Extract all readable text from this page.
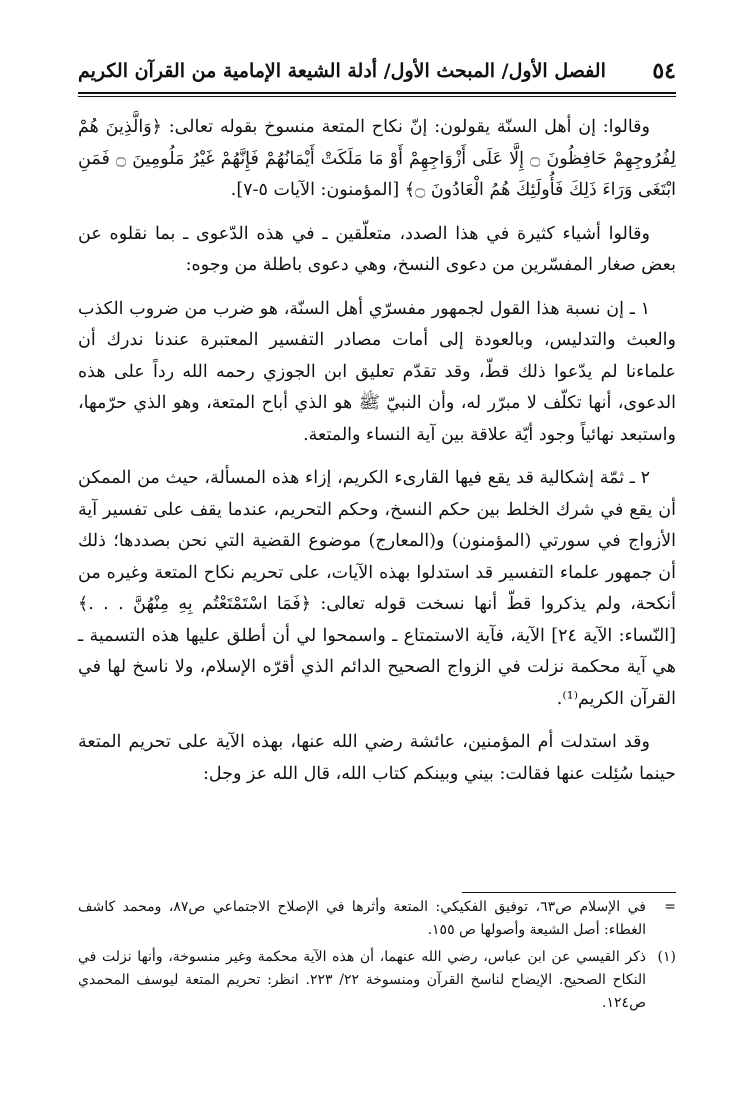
٥٤
الفصل الأول/ المبحث الأول/ أدلة الشيعة الإمامية من القرآن الكريم

وقالوا: إن أهل السنّة يقولون: إنّ نكاح المتعة منسوخ بقوله تعالى: ﴿وَالَّذِينَ هُمْ لِفُرُوجِهِمْ حَافِظُونَ ۝ إِلَّا عَلَى أَزْوَاجِهِمْ أَوْ مَا مَلَكَتْ أَيْمَانُهُمْ فَإِنَّهُمْ غَيْرُ مَلُومِينَ ۝ فَمَنِ ابْتَغَى وَرَاءَ ذَلِكَ فَأُولَئِكَ هُمُ الْعَادُونَ ۝﴾ [المؤمنون: الآيات ٥-٧].

وقالوا أشياء كثيرة في هذا الصدد، متعلّقين ـ في هذه الدّعوى ـ بما نقلوه عن بعض صغار المفسّرين من دعوى النسخ، وهي دعوى باطلة من وجوه:

١ ـ إن نسبة هذا القول لجمهور مفسرّي أهل السنّة، هو ضرب من ضروب الكذب والعبث والتدليس، وبالعودة إلى أمات مصادر التفسير المعتبرة عندنا ندرك أن علماءنا لم يدّعوا ذلك قطّ، وقد تقدّم تعليق ابن الجوزي رحمه الله رداً على هذه الدعوى، أنها تكلّف لا مبرّر له، وأن النبيّ ﷺ هو الذي أباح المتعة، وهو الذي حرّمها، واستبعد نهائياً وجود أيّة علاقة بين آية النساء والمتعة.

٢ ـ ثمّة إشكالية قد يقع فيها القارىء الكريم، إزاء هذه المسألة، حيث من الممكن أن يقع في شرك الخلط بين حكم النسخ، وحكم التحريم، عندما يقف على تفسير آية الأزواج في سورتي (المؤمنون) و(المعارج) موضوع القضية التي نحن بصددها؛ ذلك أن جمهور علماء التفسير قد استدلوا بهذه الآيات، على تحريم نكاح المتعة وغيره من أنكحة، ولم يذكروا قطّ أنها نسخت قوله تعالى: ﴿فَمَا اسْتَمْتَعْتُم بِهِ مِنْهُنَّ . . .﴾ [النّساء: الآية ٢٤] الآية، فآية الاستمتاع ـ واسمحوا لي أن أطلق عليها هذه التسمية ـ هي آية محكمة نزلت في الزواج الصحيح الدائم الذي أقرّه الإسلام، ولا ناسخ لها في القرآن الكريم⁽¹⁾.

وقد استدلت أم المؤمنين، عائشة رضي الله عنها، بهذه الآية على تحريم المتعة حينما سُئِلت عنها فقالت: بيني وبينكم كتاب الله، قال الله عز وجل:

=
في الإسلام ص٦٣، توفيق الفكيكي: المتعة وأثرها في الإصلاح الاجتماعي ص٨٧، ومحمد كاشف الغطاء: أصل الشيعة وأصولها ص ١٥٥.
(١)
ذكر القيسي عن ابن عباس، رضي الله عنهما، أن هذه الآية محكمة وغير منسوخة، وأنها نزلت في النكاح الصحيح. الإيضاح لناسخ القرآن ومنسوخة ٢٢/ ٢٢٣. انظر: تحريم المتعة ليوسف المحمدي ص١٢٤.
